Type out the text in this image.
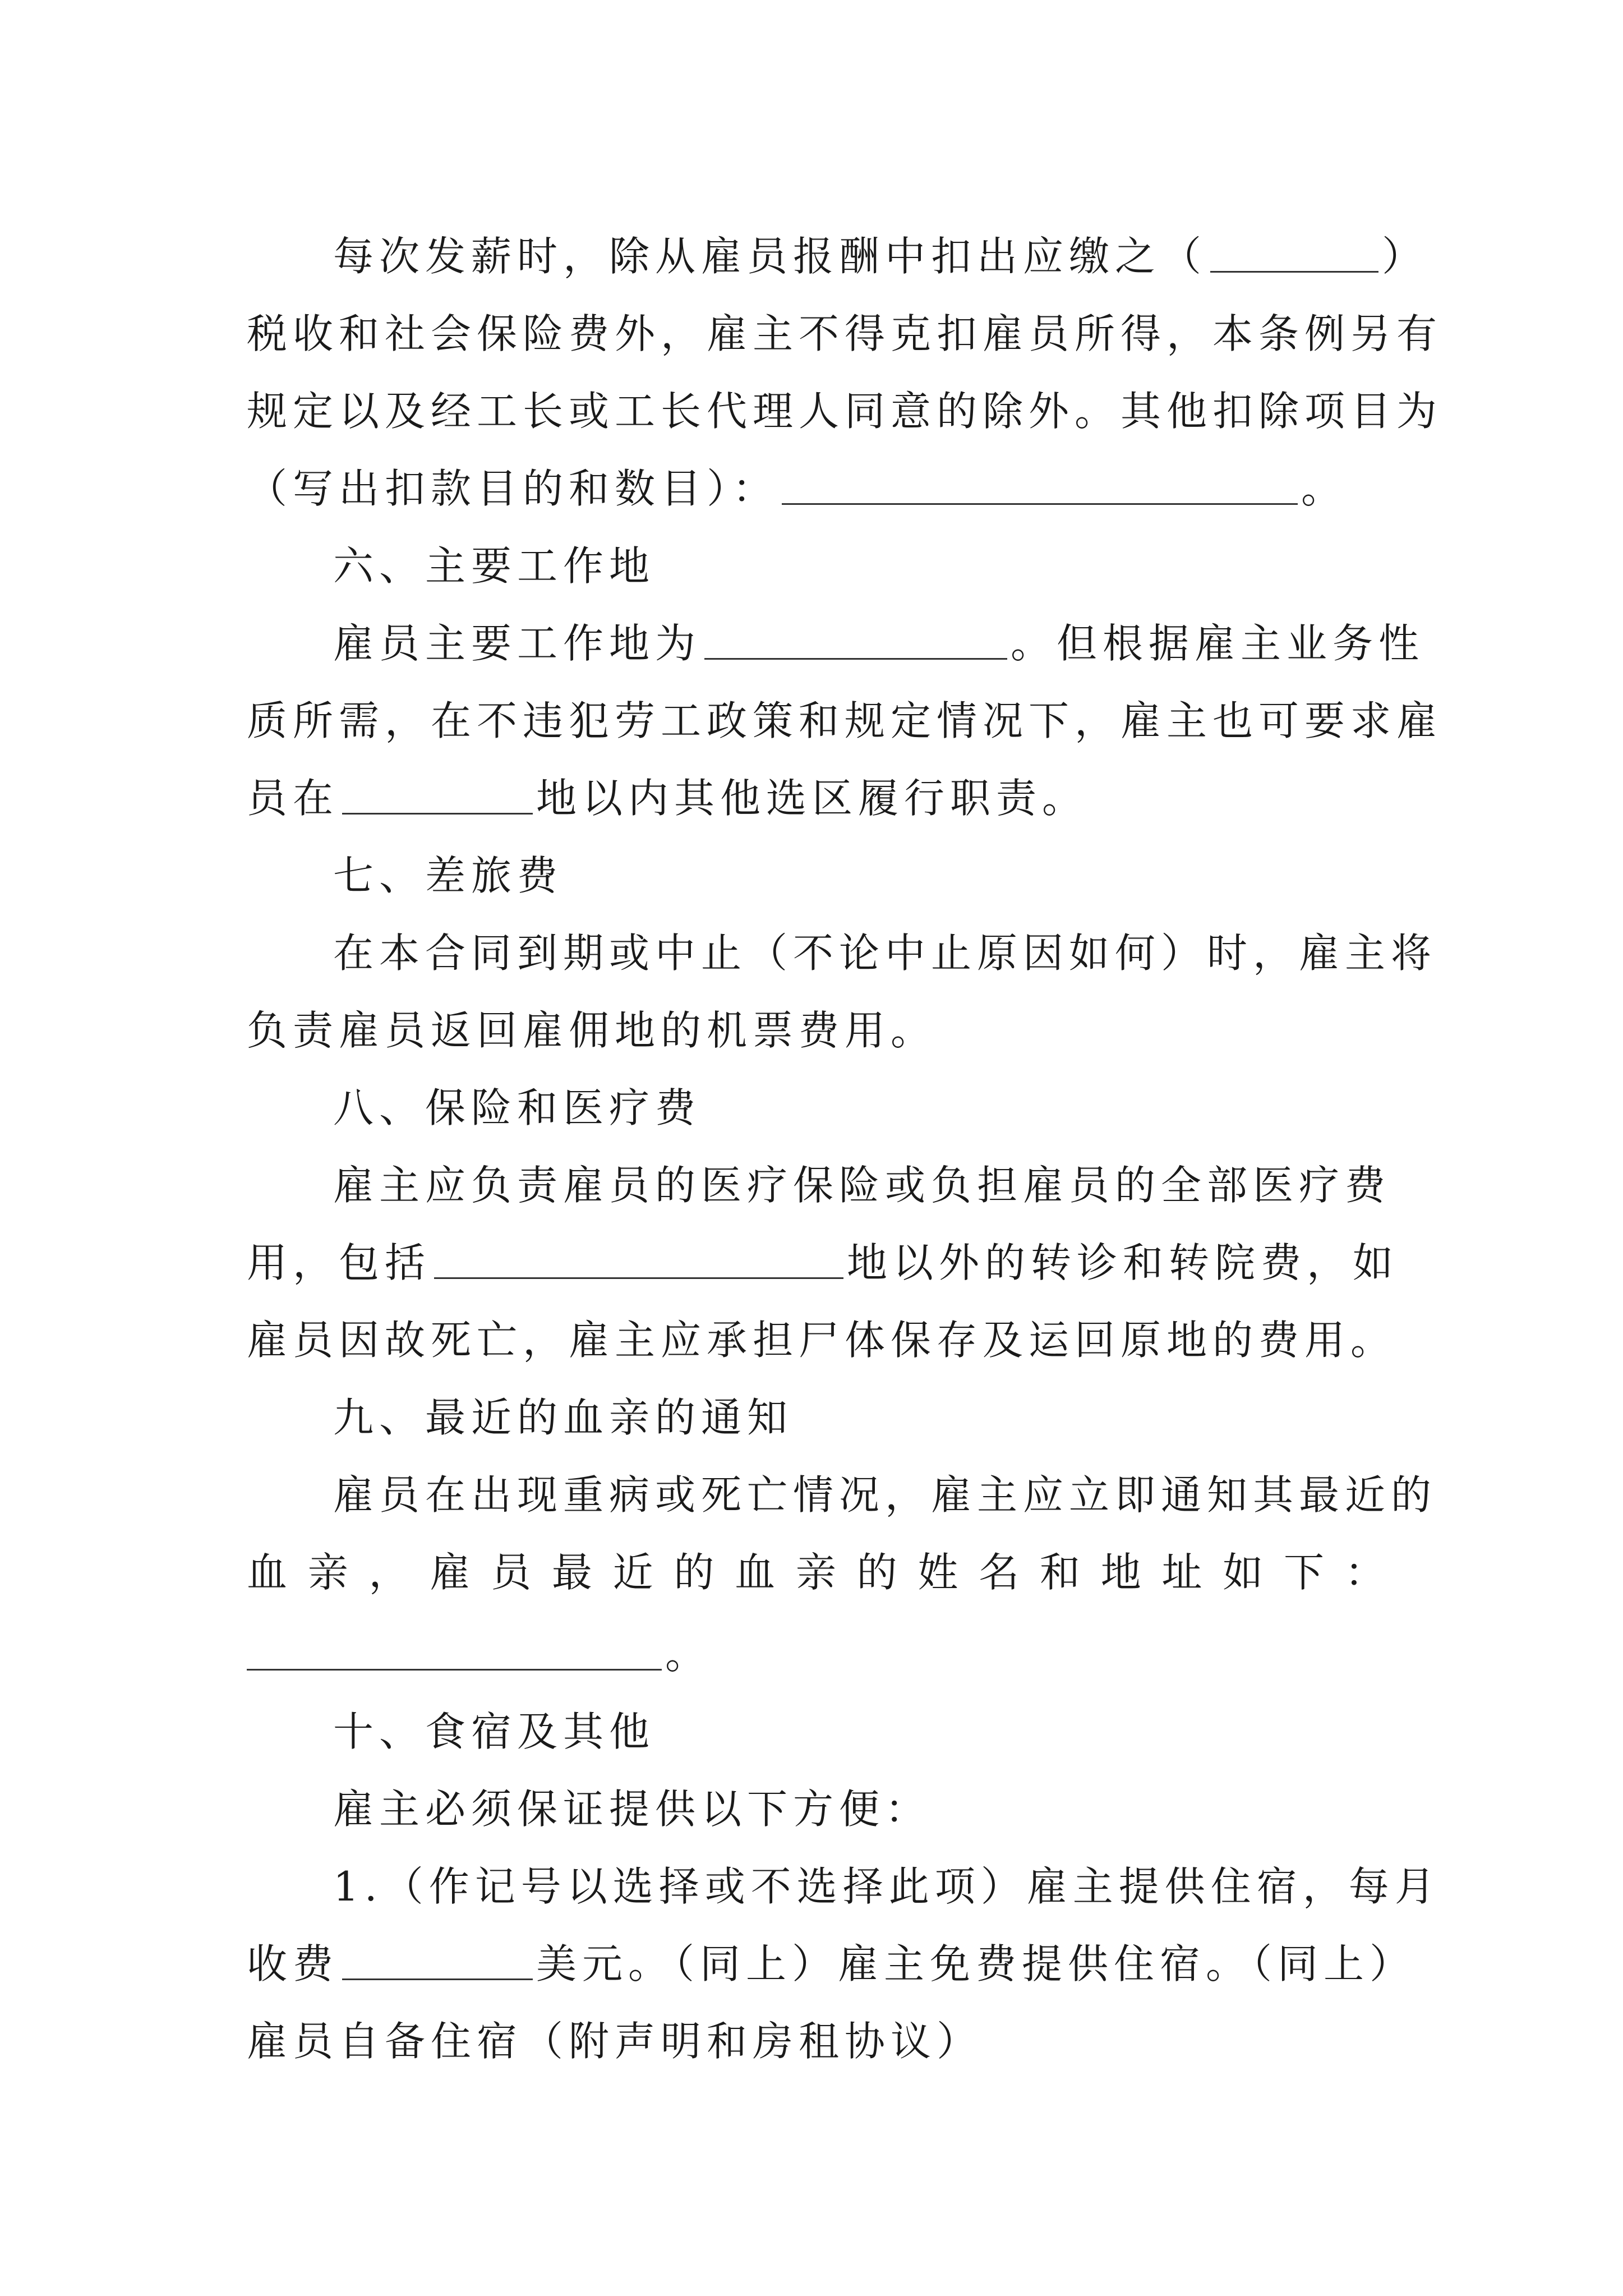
每次发薪时，除从雇员报酬中扣出应缴之（	）
税收和社会保险费外，雇主不得克扣雇员所得，本条例另有
规定以及经工长或工长代理人同意的除外。其他扣除项目为
（写出扣款目的和数目）：	。
六、主要工作地
雇员主要工作地为	。但根据雇主业务性
质所需，在不违犯劳工政策和规定情况下，雇主也可要求雇
员在	地以内其他选区履行职责。
七、差旅费
在本合同到期或中止（不论中止原因如何）时，雇主将
负责雇员返回雇佣地的机票费用。
八、保险和医疗费
雇主应负责雇员的医疗保险或负担雇员的全部医疗费
用，包括	地以外的转诊和转院费，如
雇员因故死亡，雇主应承担尸体保存及运回原地的费用。
九、最近的血亲的通知
雇员在出现重病或死亡情况，雇主应立即通知其最近的
血 亲 ， 雇 员 最 近 的 血 亲 的 姓 名 和 地 址 如 下 ：
。
十、食宿及其他
雇主必须保证提供以下方便：
1.（作记号以选择或不选择此项）雇主提供住宿，每月
收费	美元。（同上）雇主免费提供住宿。（同上）
雇员自备住宿（附声明和房租协议）
